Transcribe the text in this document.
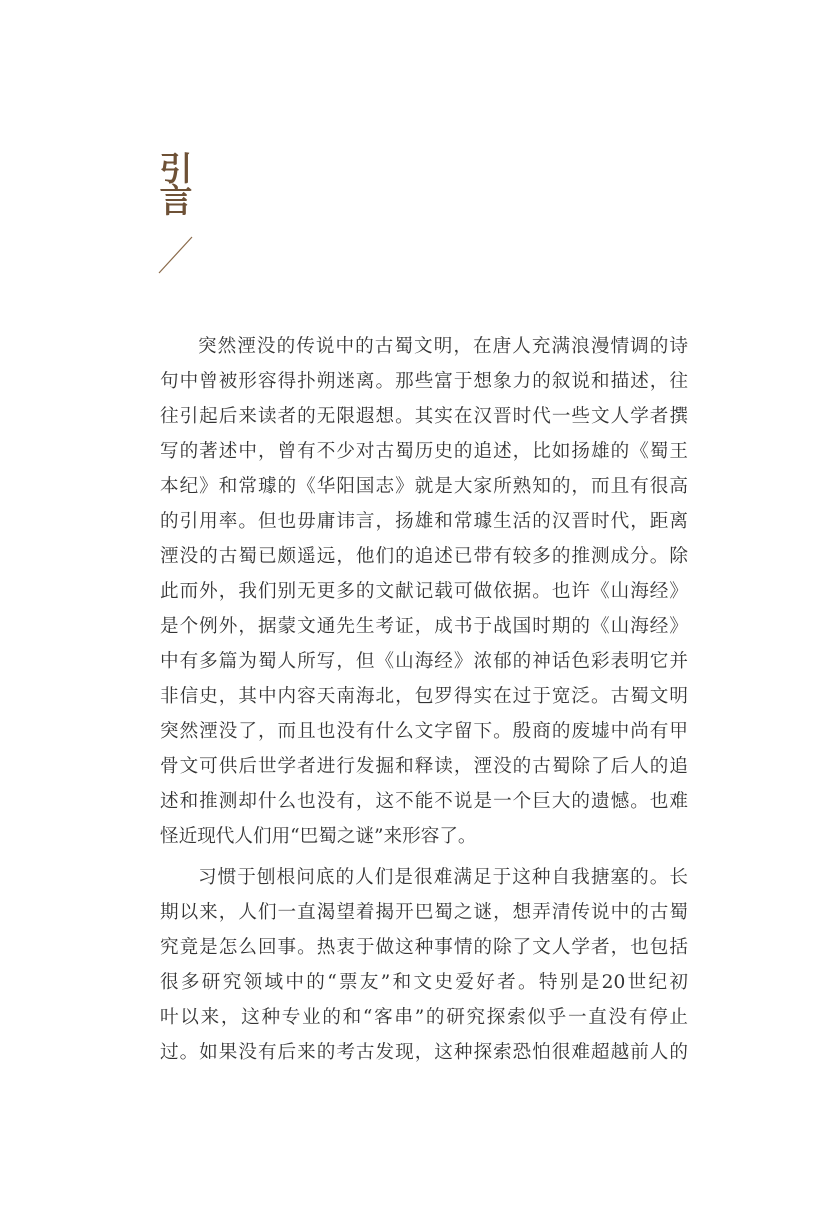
引
言

突然湮没的传说中的古蜀文明，在唐人充满浪漫情调的诗
句中曾被形容得扑朔迷离。那些富于想象力的叙说和描述，往
往引起后来读者的无限遐想。其实在汉晋时代一些文人学者撰
写的著述中，曾有不少对古蜀历史的追述，比如扬雄的《蜀王
本纪》和常璩的《华阳国志》就是大家所熟知的，而且有很高
的引用率。但也毋庸讳言，扬雄和常璩生活的汉晋时代，距离
湮没的古蜀已颇遥远，他们的追述已带有较多的推测成分。除
此而外，我们别无更多的文献记载可做依据。也许《山海经》
是个例外，据蒙文通先生考证，成书于战国时期的《山海经》
中有多篇为蜀人所写，但《山海经》浓郁的神话色彩表明它并
非信史，其中内容天南海北，包罗得实在过于宽泛。古蜀文明
突然湮没了，而且也没有什么文字留下。殷商的废墟中尚有甲
骨文可供后世学者进行发掘和释读，湮没的古蜀除了后人的追
述和推测却什么也没有，这不能不说是一个巨大的遗憾。也难
怪近现代人们用“巴蜀之谜”来形容了。

习惯于刨根问底的人们是很难满足于这种自我搪塞的。长
期以来，人们一直渴望着揭开巴蜀之谜，想弄清传说中的古蜀
究竟是怎么回事。热衷于做这种事情的除了文人学者，也包括
很多研究领域中的“票友”和文史爱好者。特别是20世纪初
叶以来，这种专业的和“客串”的研究探索似乎一直没有停止
过。如果没有后来的考古发现，这种探索恐怕很难超越前人的
